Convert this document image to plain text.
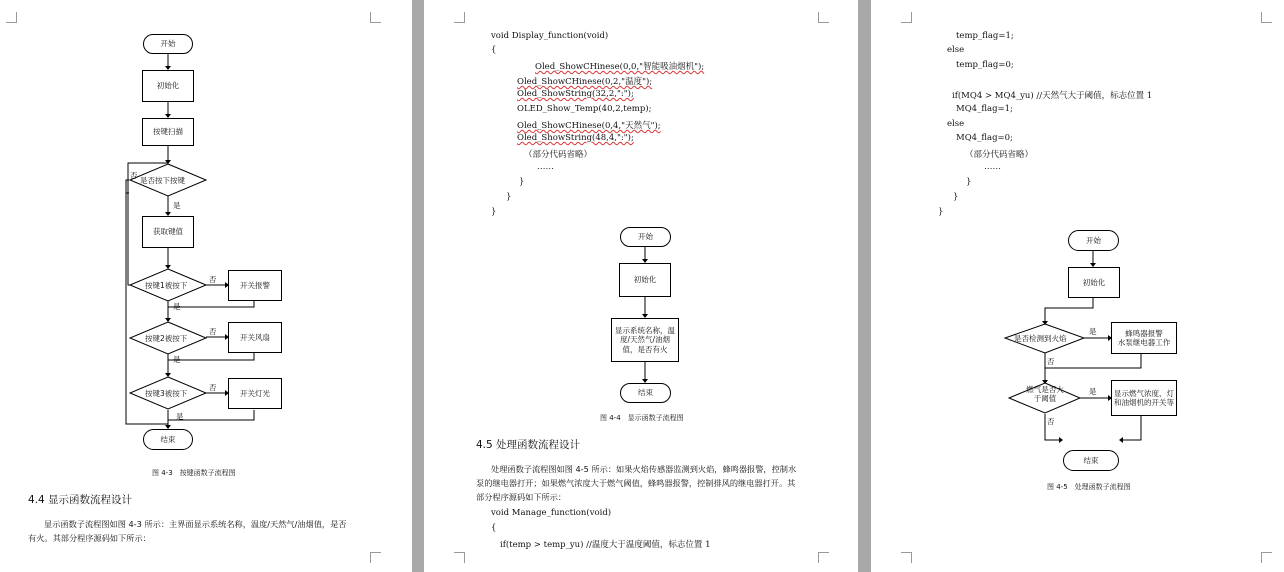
开始
初始化
按键扫描
是否按下按键
获取键值
按键1被按下
按键2被按下
按键3被按下
开关报警
开关风扇
开关灯光
结束
否
是
否
是
否
是
否
是
图 4-3　按键函数子流程图
4.4 显示函数流程设计
显示函数子流程图如图 4-3 所示：主界面显示系统名称，温度/天然气/油烟值，是否
有火。其部分程序源码如下所示：
void Display_function(void)
{
Oled_ShowCHinese(0,0,"智能吸油烟机");
Oled_ShowCHinese(0,2,"温度");
Oled_ShowString(32,2,":");
OLED_Show_Temp(40,2,temp);
Oled_ShowCHinese(0,4,"天然气");
Oled_ShowString(48,4,":");
（部分代码省略）
……
}
}
}
开始
初始化
显示系统名称，温度/天然气/油烟值，是否有火
结束
图 4-4　显示函数子流程图
4.5 处理函数流程设计
处理函数子流程图如图 4-5 所示：如果火焰传感器监测到火焰，蜂鸣器报警，控制水
泵的继电器打开；如果燃气浓度大于燃气阈值，蜂鸣器报警，控制排风的继电器打开。其
部分程序源码如下所示：
void Manage_function(void)
{
if(temp > temp_yu) //温度大于温度阈值，标志位置 1
temp_flag=1;
else
temp_flag=0;
if(MQ4 > MQ4_yu) //天然气大于阈值，标志位置 1
MQ4_flag=1;
else
MQ4_flag=0;
（部分代码省略）
……
}
}
}
开始
初始化
是否检测到火焰
蜂鸣器报警
水泵继电器工作
燃气是否大于阈值
显示燃气浓度、灯和油烟机的开关等
结束
是
否
是
否
图 4-5　处理函数子流程图
